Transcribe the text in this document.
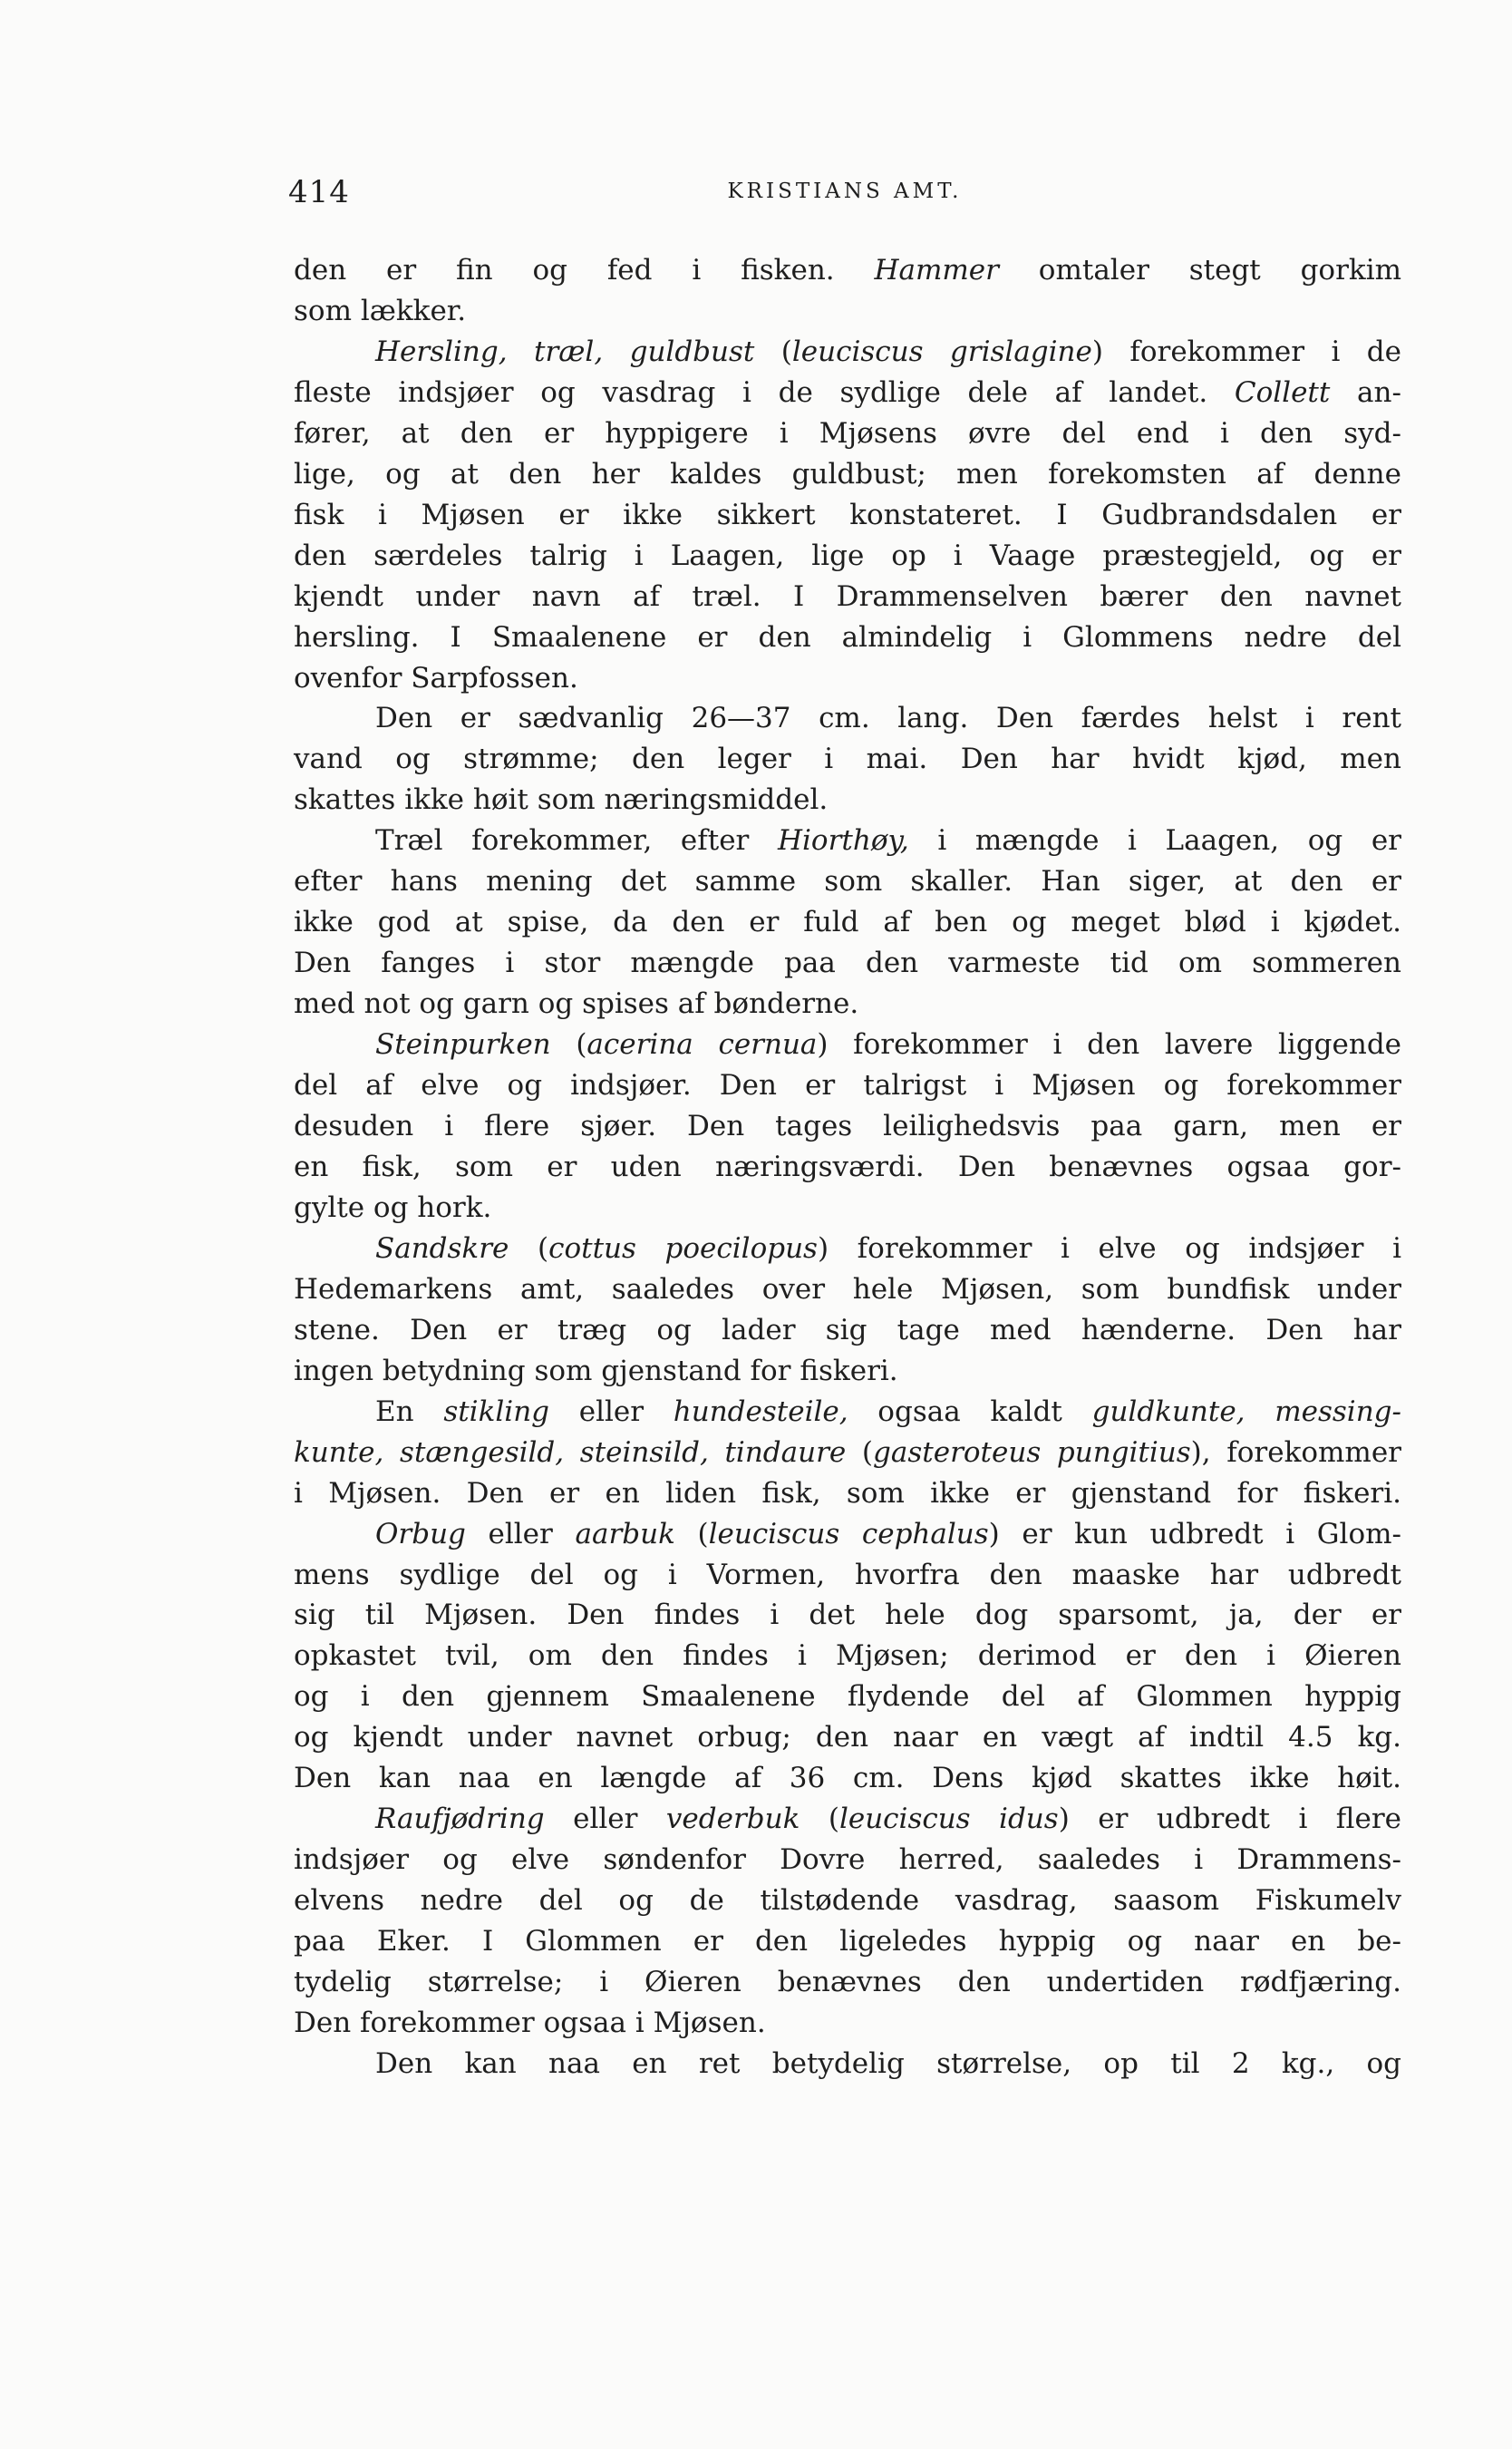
414	KRISTIANS AMT.
den er fin og fed i fisken. Hammer omtaler stegt gorkim
som lækker.
Hersling, træl, guldbust (leuciscus grislagine) forekommer i de
fleste indsjøer og vasdrag i de sydlige dele af landet. Collett an-
fører, at den er hyppigere i Mjøsens øvre del end i den syd-
lige, og at den her kaldes guldbust; men forekomsten af denne
fisk i Mjøsen er ikke sikkert konstateret. I Gudbrandsdalen er
den særdeles talrig i Laagen, lige op i Vaage præstegjeld, og er
kjendt under navn af træl. I Drammenselven bærer den navnet
hersling. I Smaalenene er den almindelig i Glommens nedre del
ovenfor Sarpfossen.
Den er sædvanlig 26—37 cm. lang. Den færdes helst i rent
vand og strømme; den leger i mai. Den har hvidt kjød, men
skattes ikke høit som næringsmiddel.
Træl forekommer, efter Hiorthøy, i mængde i Laagen, og er
efter hans mening det samme som skaller. Han siger, at den er
ikke god at spise, da den er fuld af ben og meget blød i kjødet.
Den fanges i stor mængde paa den varmeste tid om sommeren
med not og garn og spises af bønderne.
Steinpurken (acerina cernua) forekommer i den lavere liggende
del af elve og indsjøer. Den er talrigst i Mjøsen og forekommer
desuden i flere sjøer. Den tages leilighedsvis paa garn, men er
en fisk, som er uden næringsværdi. Den benævnes ogsaa gor-
gylte og hork.
Sandskre (cottus poecilopus) forekommer i elve og indsjøer i
Hedemarkens amt, saaledes over hele Mjøsen, som bundfisk under
stene. Den er træg og lader sig tage med hænderne. Den har
ingen betydning som gjenstand for fiskeri.
En stikling eller hundesteile, ogsaa kaldt guldkunte, messing-
kunte, stængesild, steinsild, tindaure (gasteroteus pungitius), forekommer
i Mjøsen. Den er en liden fisk, som ikke er gjenstand for fiskeri.
Orbug eller aarbuk (leuciscus cephalus) er kun udbredt i Glom-
mens sydlige del og i Vormen, hvorfra den maaske har udbredt
sig til Mjøsen. Den findes i det hele dog sparsomt, ja, der er
opkastet tvil, om den findes i Mjøsen; derimod er den i Øieren
og i den gjennem Smaalenene flydende del af Glommen hyppig
og kjendt under navnet orbug; den naar en vægt af indtil 4.5 kg.
Den kan naa en længde af 36 cm. Dens kjød skattes ikke høit.
Raufjødring eller vederbuk (leuciscus idus) er udbredt i flere
indsjøer og elve søndenfor Dovre herred, saaledes i Drammens-
elvens nedre del og de tilstødende vasdrag, saasom Fiskumelv
paa Eker. I Glommen er den ligeledes hyppig og naar en be-
tydelig størrelse; i Øieren benævnes den undertiden rødfjæring.
Den forekommer ogsaa i Mjøsen.
Den kan naa en ret betydelig størrelse, op til 2 kg., og
